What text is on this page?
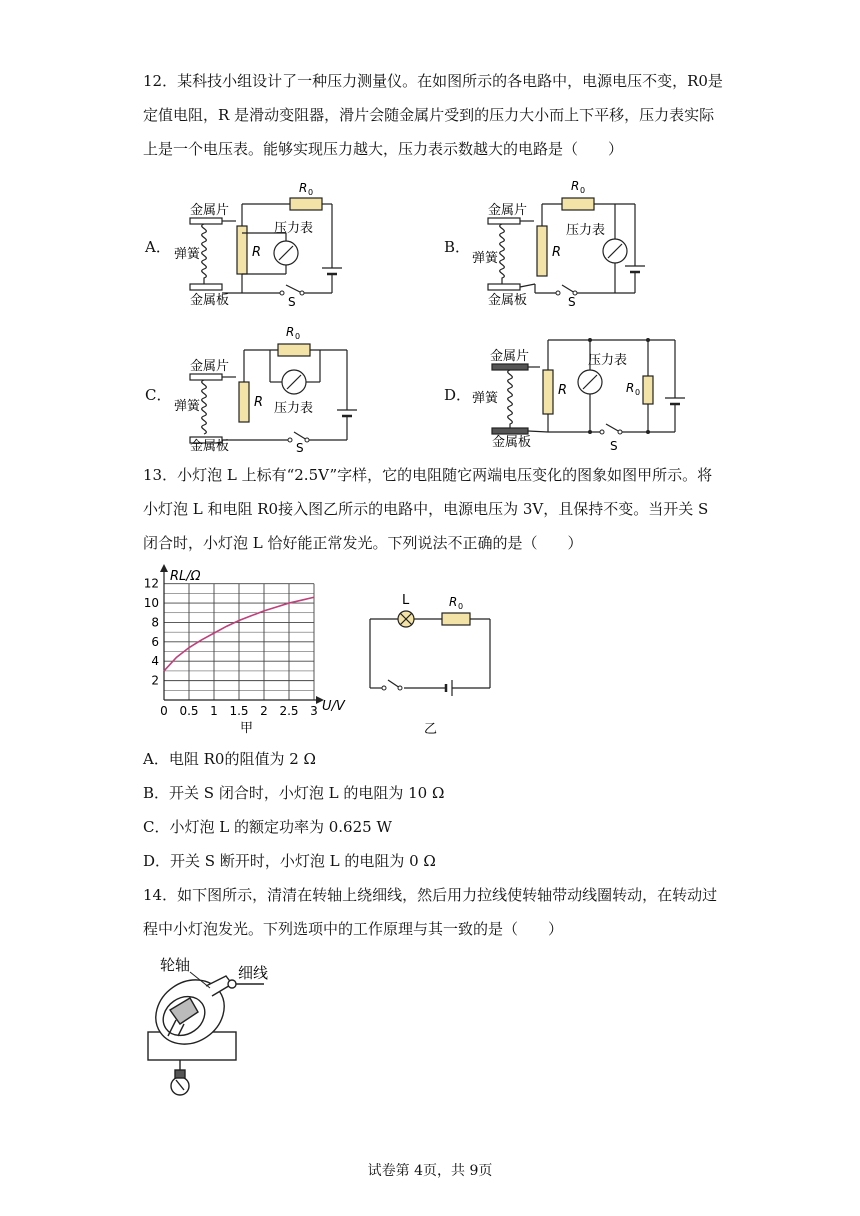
12．某科技小组设计了一种压力测量仪。在如图所示的各电路中，电源电压不变，R0是定值电阻，R 是滑动变阻器，滑片会随金属片受到的压力大小而上下平移，压力表实际上是一个电压表。能够实现压力越大，压力表示数越大的电路是（　　）

A．
金属片
弹簧
金属板
R
压力表
R 0
S
B．
金属片
弹簧
金属板
R
压力表
R 0
S
C．
金属片
弹簧
金属板
R 压力表
R 0
S
D．
金属片
弹簧
金属板
R
压力表
R 0
S

13．小灯泡 L 上标有“2.5V”字样，它的电阻随它两端电压变化的图象如图甲所示。将小灯泡 L 和电阻 R0接入图乙所示的电路中，电源电压为 3V，且保持不变。当开关 S 闭合时，小灯泡 L 恰好能正常发光。下列说法不正确的是（　　）

0 0.5 1 1.5 2 2.5 3
2
4
6
8
10
12 RL/Ω
U/V
甲
L	R 0
乙

A．电阻 R0的阻值为 2 Ω

B．开关 S 闭合时，小灯泡 L 的电阻为 10 Ω

C．小灯泡 L 的额定功率为 0.625 W

D．开关 S 断开时，小灯泡 L 的电阻为 0 Ω

14．如下图所示，清清在转轴上绕细线，然后用力拉线使转轴带动线圈转动，在转动过程中小灯泡发光。下列选项中的工作原理与其一致的是（　　）

轮轴	细线
试卷第 4页，共 9页
